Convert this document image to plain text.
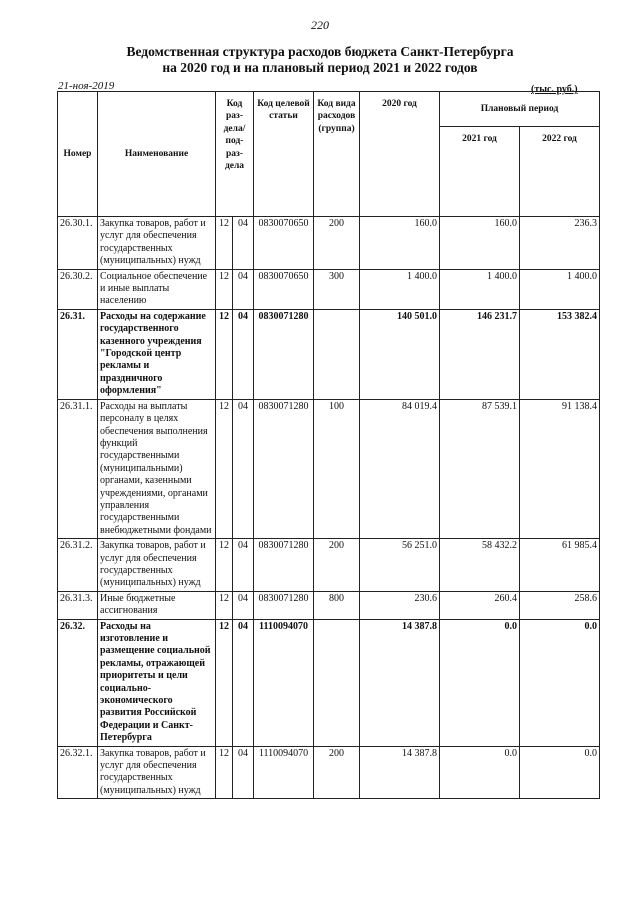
220
Ведомственная структура расходов бюджета Санкт-Петербурга
на 2020 год и на плановый период 2021 и 2022 годов
21-ноя-2019	(тыс. руб.)
Номер	Наименование	Код раз-дела/ под-раз-дела		Код целевой статьи	Код вида расходов (группа)	2020 год	Плановый период	
							2021 год	2022 год
26.30.1.	Закупка товаров, работ и услуг для обеспечения государственных (муниципальных) нужд	12	04	0830070650	200	160.0	160.0	236.3
26.30.2.	Социальное обеспечение и иные выплаты населению	12	04	0830070650	300	1 400.0	1 400.0	1 400.0
26.31.	Расходы на содержание государственного казенного учреждения "Городской центр рекламы и праздничного оформления"	12	04	0830071280		140 501.0	146 231.7	153 382.4
26.31.1.	Расходы на выплаты персоналу в целях обеспечения выполнения функций государственными (муниципальными) органами, казенными учреждениями, органами управления государственными внебюджетными фондами	12	04	0830071280	100	84 019.4	87 539.1	91 138.4
26.31.2.	Закупка товаров, работ и услуг для обеспечения государственных (муниципальных) нужд	12	04	0830071280	200	56 251.0	58 432.2	61 985.4
26.31.3.	Иные бюджетные ассигнования	12	04	0830071280	800	230.6	260.4	258.6
26.32.	Расходы на изготовление и размещение социальной рекламы, отражающей приоритеты и цели социально-экономического развития Российской Федерации и Санкт-Петербурга	12	04	1110094070		14 387.8	0.0	0.0
26.32.1.	Закупка товаров, работ и услуг для обеспечения государственных (муниципальных) нужд	12	04	1110094070	200	14 387.8	0.0	0.0
